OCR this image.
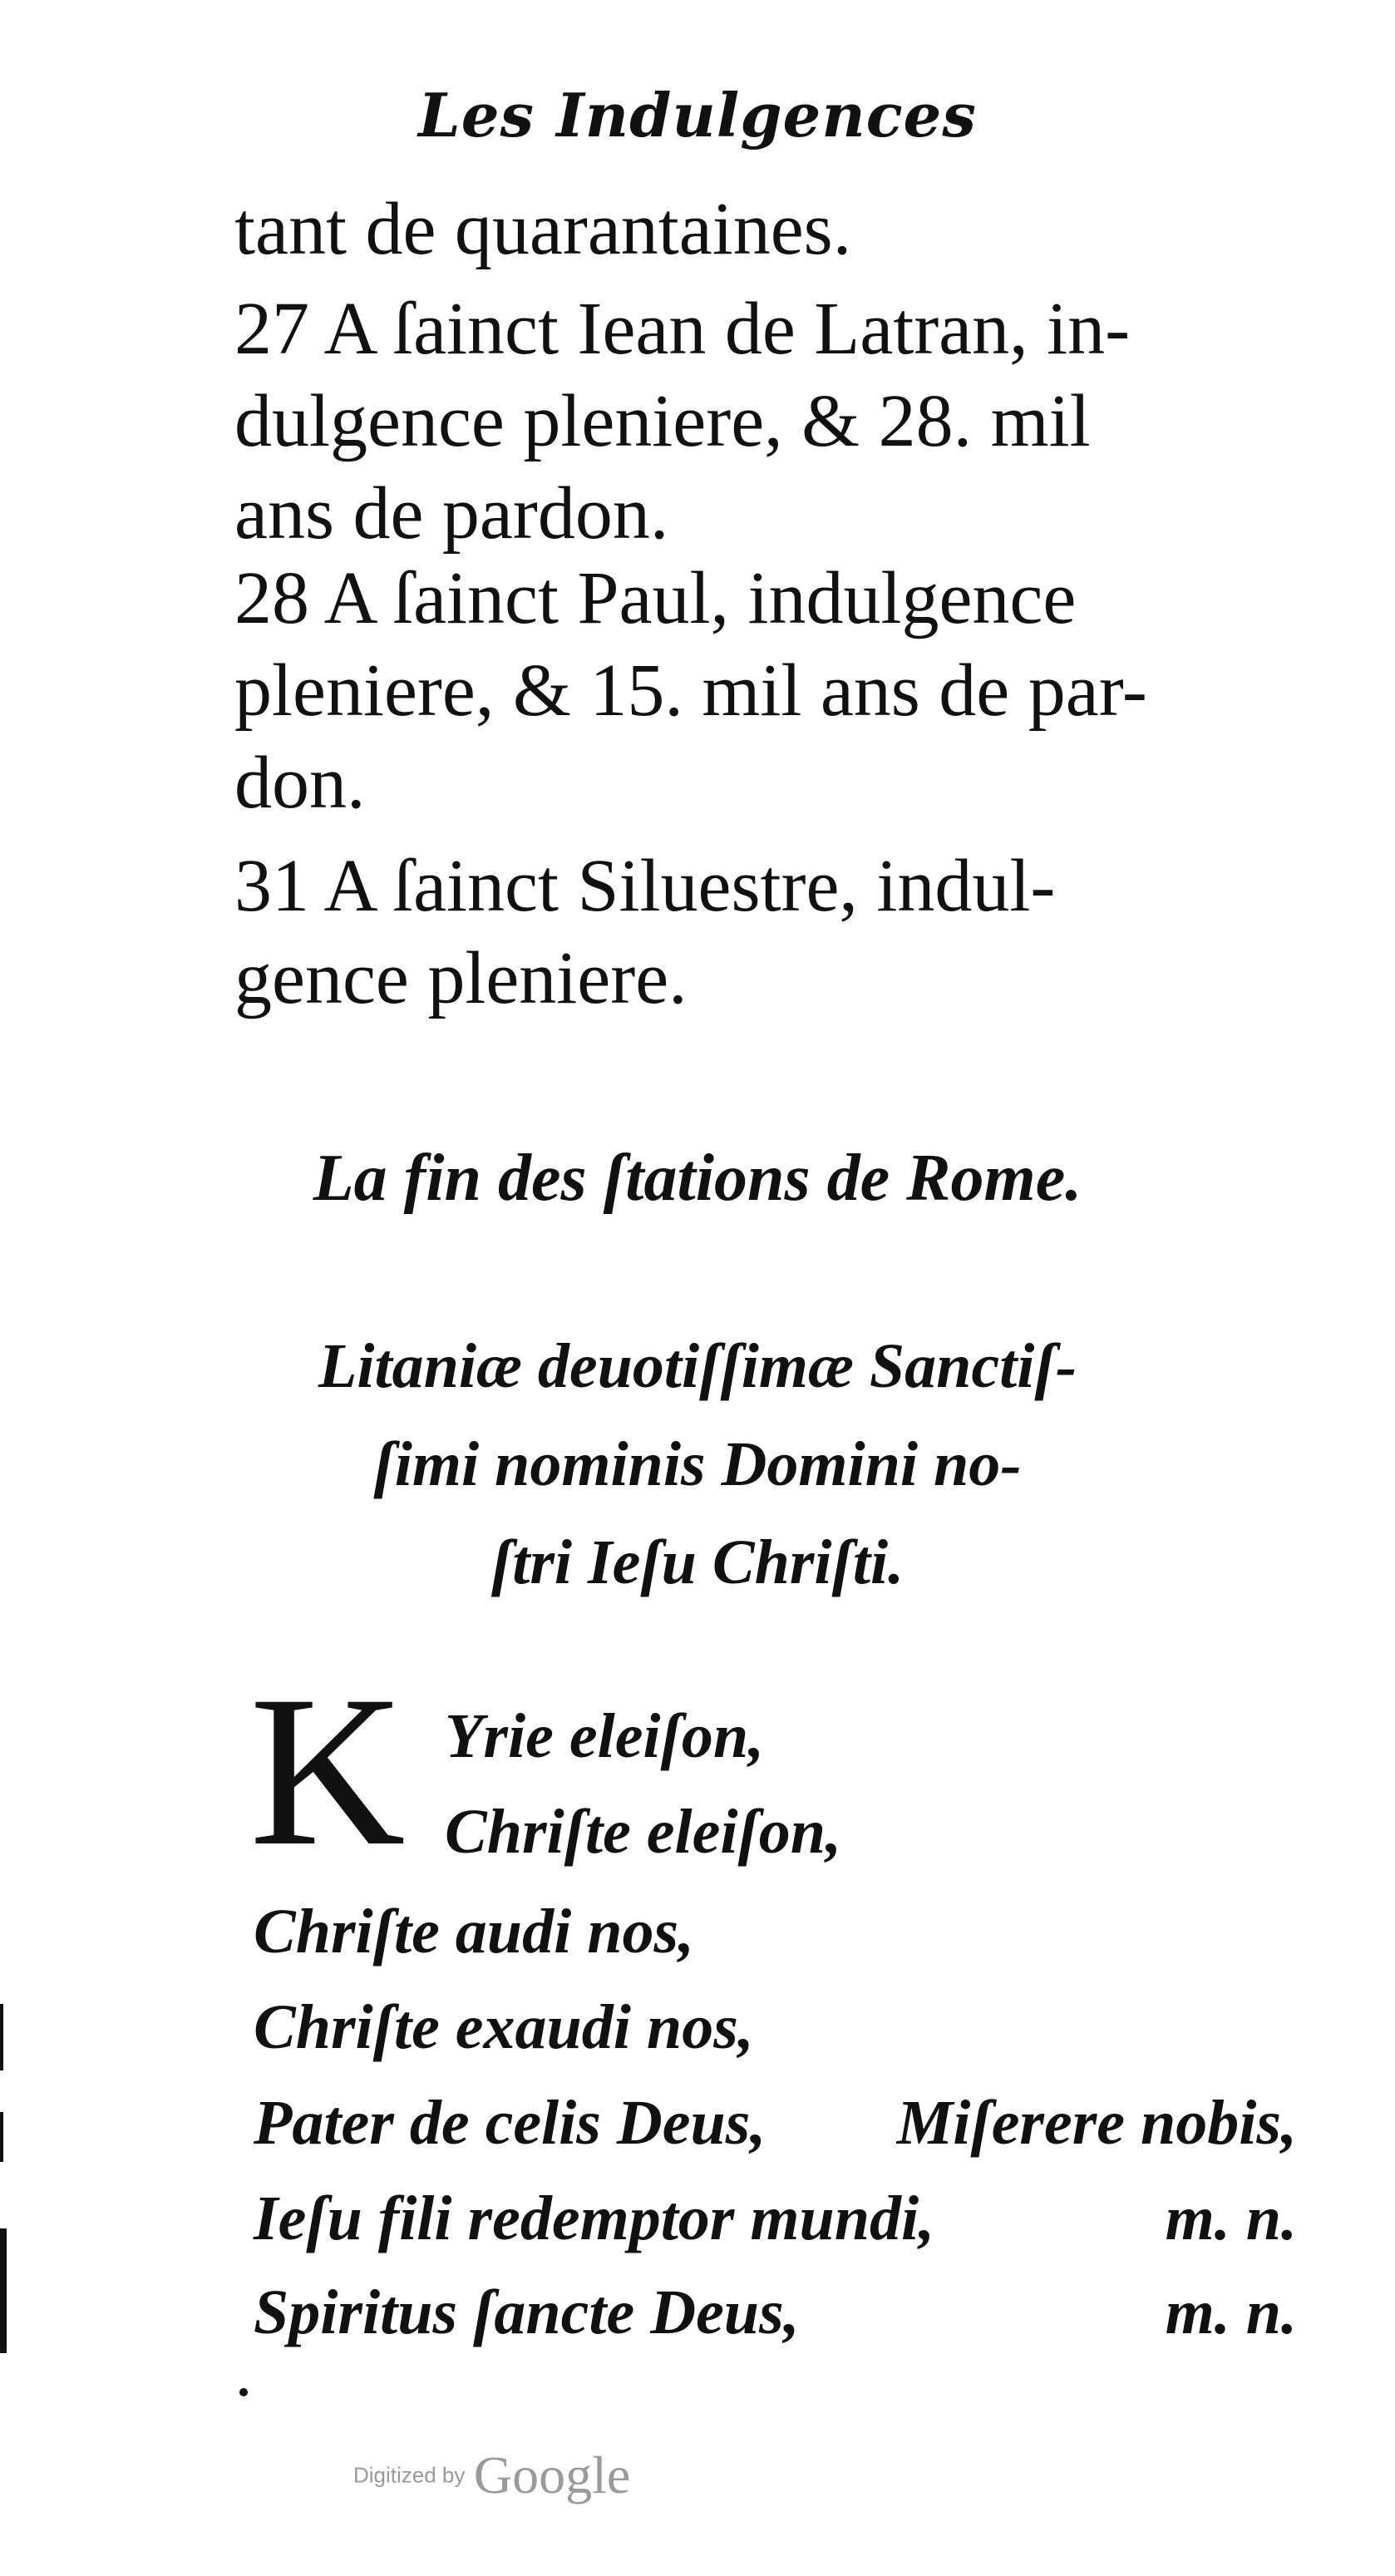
Les Indulgences
tant de quarantaines.
27 A ſainct Iean de Latran, in-
dulgence pleniere, & 28. mil
ans de pardon.
28 A ſainct Paul, indulgence
pleniere, & 15. mil ans de par-
don.
31 A ſainct Siluestre, indul-
gence pleniere.
La fin des ſtations de Rome.
Litaniæ deuotiſſimæ Sanctiſ-
ſimi nominis Domini no-
ſtri Ieſu Chriſti.
K Yrie eleiſon,
Chriſte eleiſon,
Chriſte audi nos,
Chriſte exaudi nos,
Pater de celis Deus,
Ieſu fili redemptor mundi,
Spiritus ſancte Deus,
Miſerere nobis,
m. n.
m. n.
Digitized by Google
